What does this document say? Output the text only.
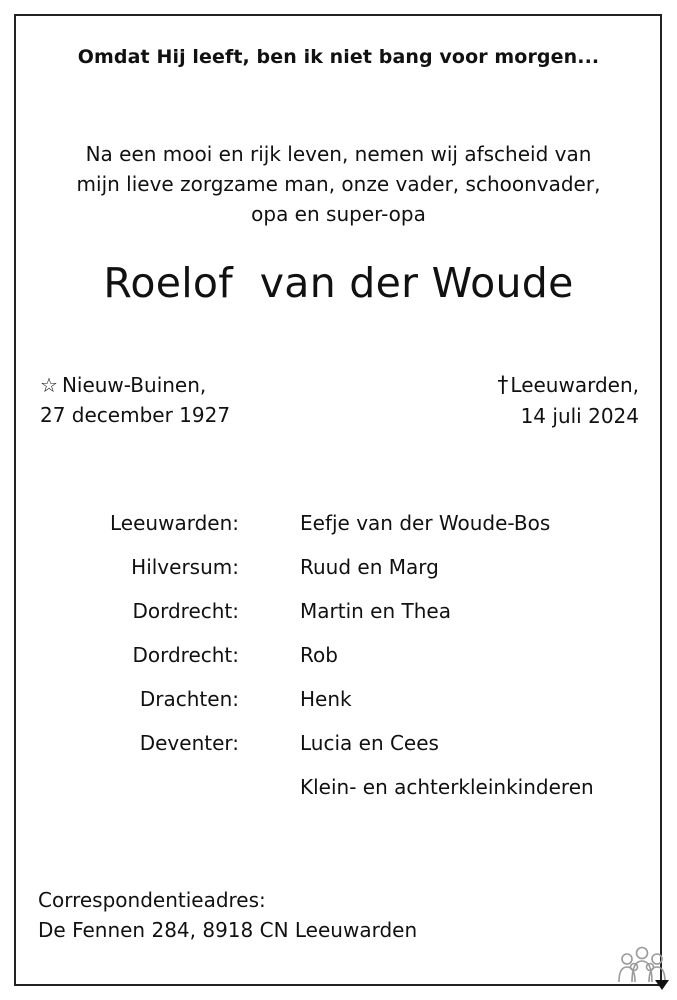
Omdat Hij leeft, ben ik niet bang voor morgen...
Na een mooi en rijk leven, nemen wij afscheid van
mijn lieve zorgzame man, onze vader, schoonvader,
opa en super-opa
Roelof  van der Woude
☆ Nieuw-Buinen,
27 december 1927
† Leeuwarden,
14 juli 2024
Leeuwarden:	Eefje van der Woude-Bos
Hilversum:	Ruud en Marg
Dordrecht:	Martin en Thea
Dordrecht:	Rob
Drachten:	Henk
Deventer:	Lucia en Cees
Klein- en achterkleinkinderen
Correspondentieadres:
De Fennen 284, 8918 CN Leeuwarden
